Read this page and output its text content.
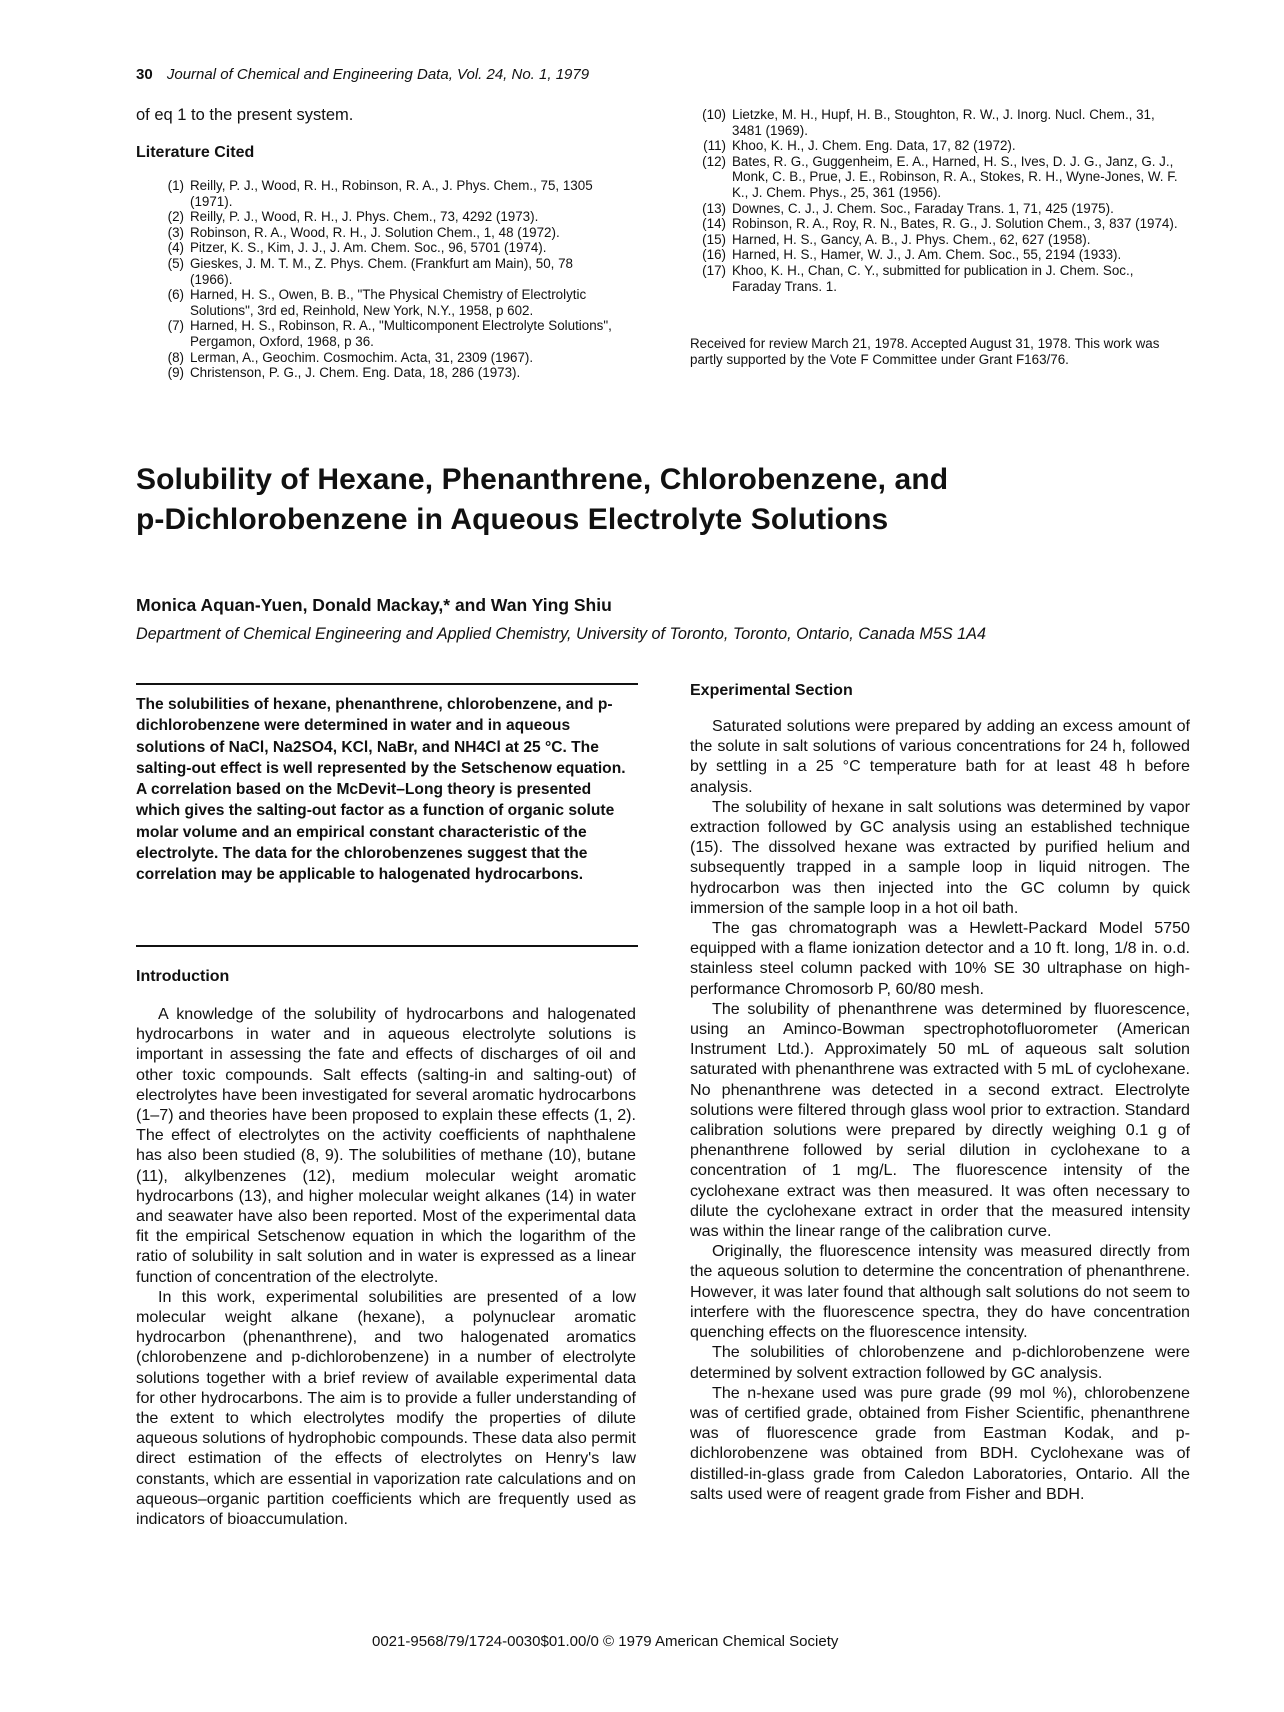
30 Journal of Chemical and Engineering Data, Vol. 24, No. 1, 1979
of eq 1 to the present system.
Literature Cited
(1) Reilly, P. J., Wood, R. H., Robinson, R. A., J. Phys. Chem., 75, 1305 (1971).
(2) Reilly, P. J., Wood, R. H., J. Phys. Chem., 73, 4292 (1973).
(3) Robinson, R. A., Wood, R. H., J. Solution Chem., 1, 48 (1972).
(4) Pitzer, K. S., Kim, J. J., J. Am. Chem. Soc., 96, 5701 (1974).
(5) Gieskes, J. M. T. M., Z. Phys. Chem. (Frankfurt am Main), 50, 78 (1966).
(6) Harned, H. S., Owen, B. B., "The Physical Chemistry of Electrolytic Solutions", 3rd ed, Reinhold, New York, N.Y., 1958, p 602.
(7) Harned, H. S., Robinson, R. A., "Multicomponent Electrolyte Solutions", Pergamon, Oxford, 1968, p 36.
(8) Lerman, A., Geochim. Cosmochim. Acta, 31, 2309 (1967).
(9) Christenson, P. G., J. Chem. Eng. Data, 18, 286 (1973).
(10) Lietzke, M. H., Hupf, H. B., Stoughton, R. W., J. Inorg. Nucl. Chem., 31, 3481 (1969).
(11) Khoo, K. H., J. Chem. Eng. Data, 17, 82 (1972).
(12) Bates, R. G., Guggenheim, E. A., Harned, H. S., Ives, D. J. G., Janz, G. J., Monk, C. B., Prue, J. E., Robinson, R. A., Stokes, R. H., Wyne-Jones, W. F. K., J. Chem. Phys., 25, 361 (1956).
(13) Downes, C. J., J. Chem. Soc., Faraday Trans. 1, 71, 425 (1975).
(14) Robinson, R. A., Roy, R. N., Bates, R. G., J. Solution Chem., 3, 837 (1974).
(15) Harned, H. S., Gancy, A. B., J. Phys. Chem., 62, 627 (1958).
(16) Harned, H. S., Hamer, W. J., J. Am. Chem. Soc., 55, 2194 (1933).
(17) Khoo, K. H., Chan, C. Y., submitted for publication in J. Chem. Soc., Faraday Trans. 1.
Received for review March 21, 1978. Accepted August 31, 1978. This work was partly supported by the Vote F Committee under Grant F163/76.
Solubility of Hexane, Phenanthrene, Chlorobenzene, and
p-Dichlorobenzene in Aqueous Electrolyte Solutions
Monica Aquan-Yuen, Donald Mackay,* and Wan Ying Shiu
Department of Chemical Engineering and Applied Chemistry, University of Toronto, Toronto, Ontario, Canada M5S 1A4
The solubilities of hexane, phenanthrene, chlorobenzene, and p-dichlorobenzene were determined in water and in aqueous solutions of NaCl, Na2SO4, KCl, NaBr, and NH4Cl at 25 °C. The salting-out effect is well represented by the Setschenow equation. A correlation based on the McDevit–Long theory is presented which gives the salting-out factor as a function of organic solute molar volume and an empirical constant characteristic of the electrolyte. The data for the chlorobenzenes suggest that the correlation may be applicable to halogenated hydrocarbons.
Introduction

A knowledge of the solubility of hydrocarbons and halogenated hydrocarbons in water and in aqueous electrolyte solutions is important in assessing the fate and effects of discharges of oil and other toxic compounds. Salt effects (salting-in and salting-out) of electrolytes have been investigated for several aromatic hydrocarbons (1–7) and theories have been proposed to explain these effects (1, 2). The effect of electrolytes on the activity coefficients of naphthalene has also been studied (8, 9). The solubilities of methane (10), butane (11), alkylbenzenes (12), medium molecular weight aromatic hydrocarbons (13), and higher molecular weight alkanes (14) in water and seawater have also been reported. Most of the experimental data fit the empirical Setschenow equation in which the logarithm of the ratio of solubility in salt solution and in water is expressed as a linear function of concentration of the electrolyte.

In this work, experimental solubilities are presented of a low molecular weight alkane (hexane), a polynuclear aromatic hydrocarbon (phenanthrene), and two halogenated aromatics (chlorobenzene and p-dichlorobenzene) in a number of electrolyte solutions together with a brief review of available experimental data for other hydrocarbons. The aim is to provide a fuller understanding of the extent to which electrolytes modify the properties of dilute aqueous solutions of hydrophobic compounds. These data also permit direct estimation of the effects of electrolytes on Henry's law constants, which are essential in vaporization rate calculations and on aqueous–organic partition coefficients which are frequently used as indicators of bioaccumulation.

Experimental Section

Saturated solutions were prepared by adding an excess amount of the solute in salt solutions of various concentrations for 24 h, followed by settling in a 25 °C temperature bath for at least 48 h before analysis.

The solubility of hexane in salt solutions was determined by vapor extraction followed by GC analysis using an established technique (15). The dissolved hexane was extracted by purified helium and subsequently trapped in a sample loop in liquid nitrogen. The hydrocarbon was then injected into the GC column by quick immersion of the sample loop in a hot oil bath.

The gas chromatograph was a Hewlett-Packard Model 5750 equipped with a flame ionization detector and a 10 ft. long, 1/8 in. o.d. stainless steel column packed with 10% SE 30 ultraphase on high-performance Chromosorb P, 60/80 mesh.

The solubility of phenanthrene was determined by fluorescence, using an Aminco-Bowman spectrophotofluorometer (American Instrument Ltd.). Approximately 50 mL of aqueous salt solution saturated with phenanthrene was extracted with 5 mL of cyclohexane. No phenanthrene was detected in a second extract. Electrolyte solutions were filtered through glass wool prior to extraction. Standard calibration solutions were prepared by directly weighing 0.1 g of phenanthrene followed by serial dilution in cyclohexane to a concentration of 1 mg/L. The fluorescence intensity of the cyclohexane extract was then measured. It was often necessary to dilute the cyclohexane extract in order that the measured intensity was within the linear range of the calibration curve.

Originally, the fluorescence intensity was measured directly from the aqueous solution to determine the concentration of phenanthrene. However, it was later found that although salt solutions do not seem to interfere with the fluorescence spectra, they do have concentration quenching effects on the fluorescence intensity.

The solubilities of chlorobenzene and p-dichlorobenzene were determined by solvent extraction followed by GC analysis.

The n-hexane used was pure grade (99 mol %), chlorobenzene was of certified grade, obtained from Fisher Scientific, phenanthrene was of fluorescence grade from Eastman Kodak, and p-dichlorobenzene was obtained from BDH. Cyclohexane was of distilled-in-glass grade from Caledon Laboratories, Ontario. All the salts used were of reagent grade from Fisher and BDH.

0021-9568/79/1724-0030$01.00/0 © 1979 American Chemical Society
